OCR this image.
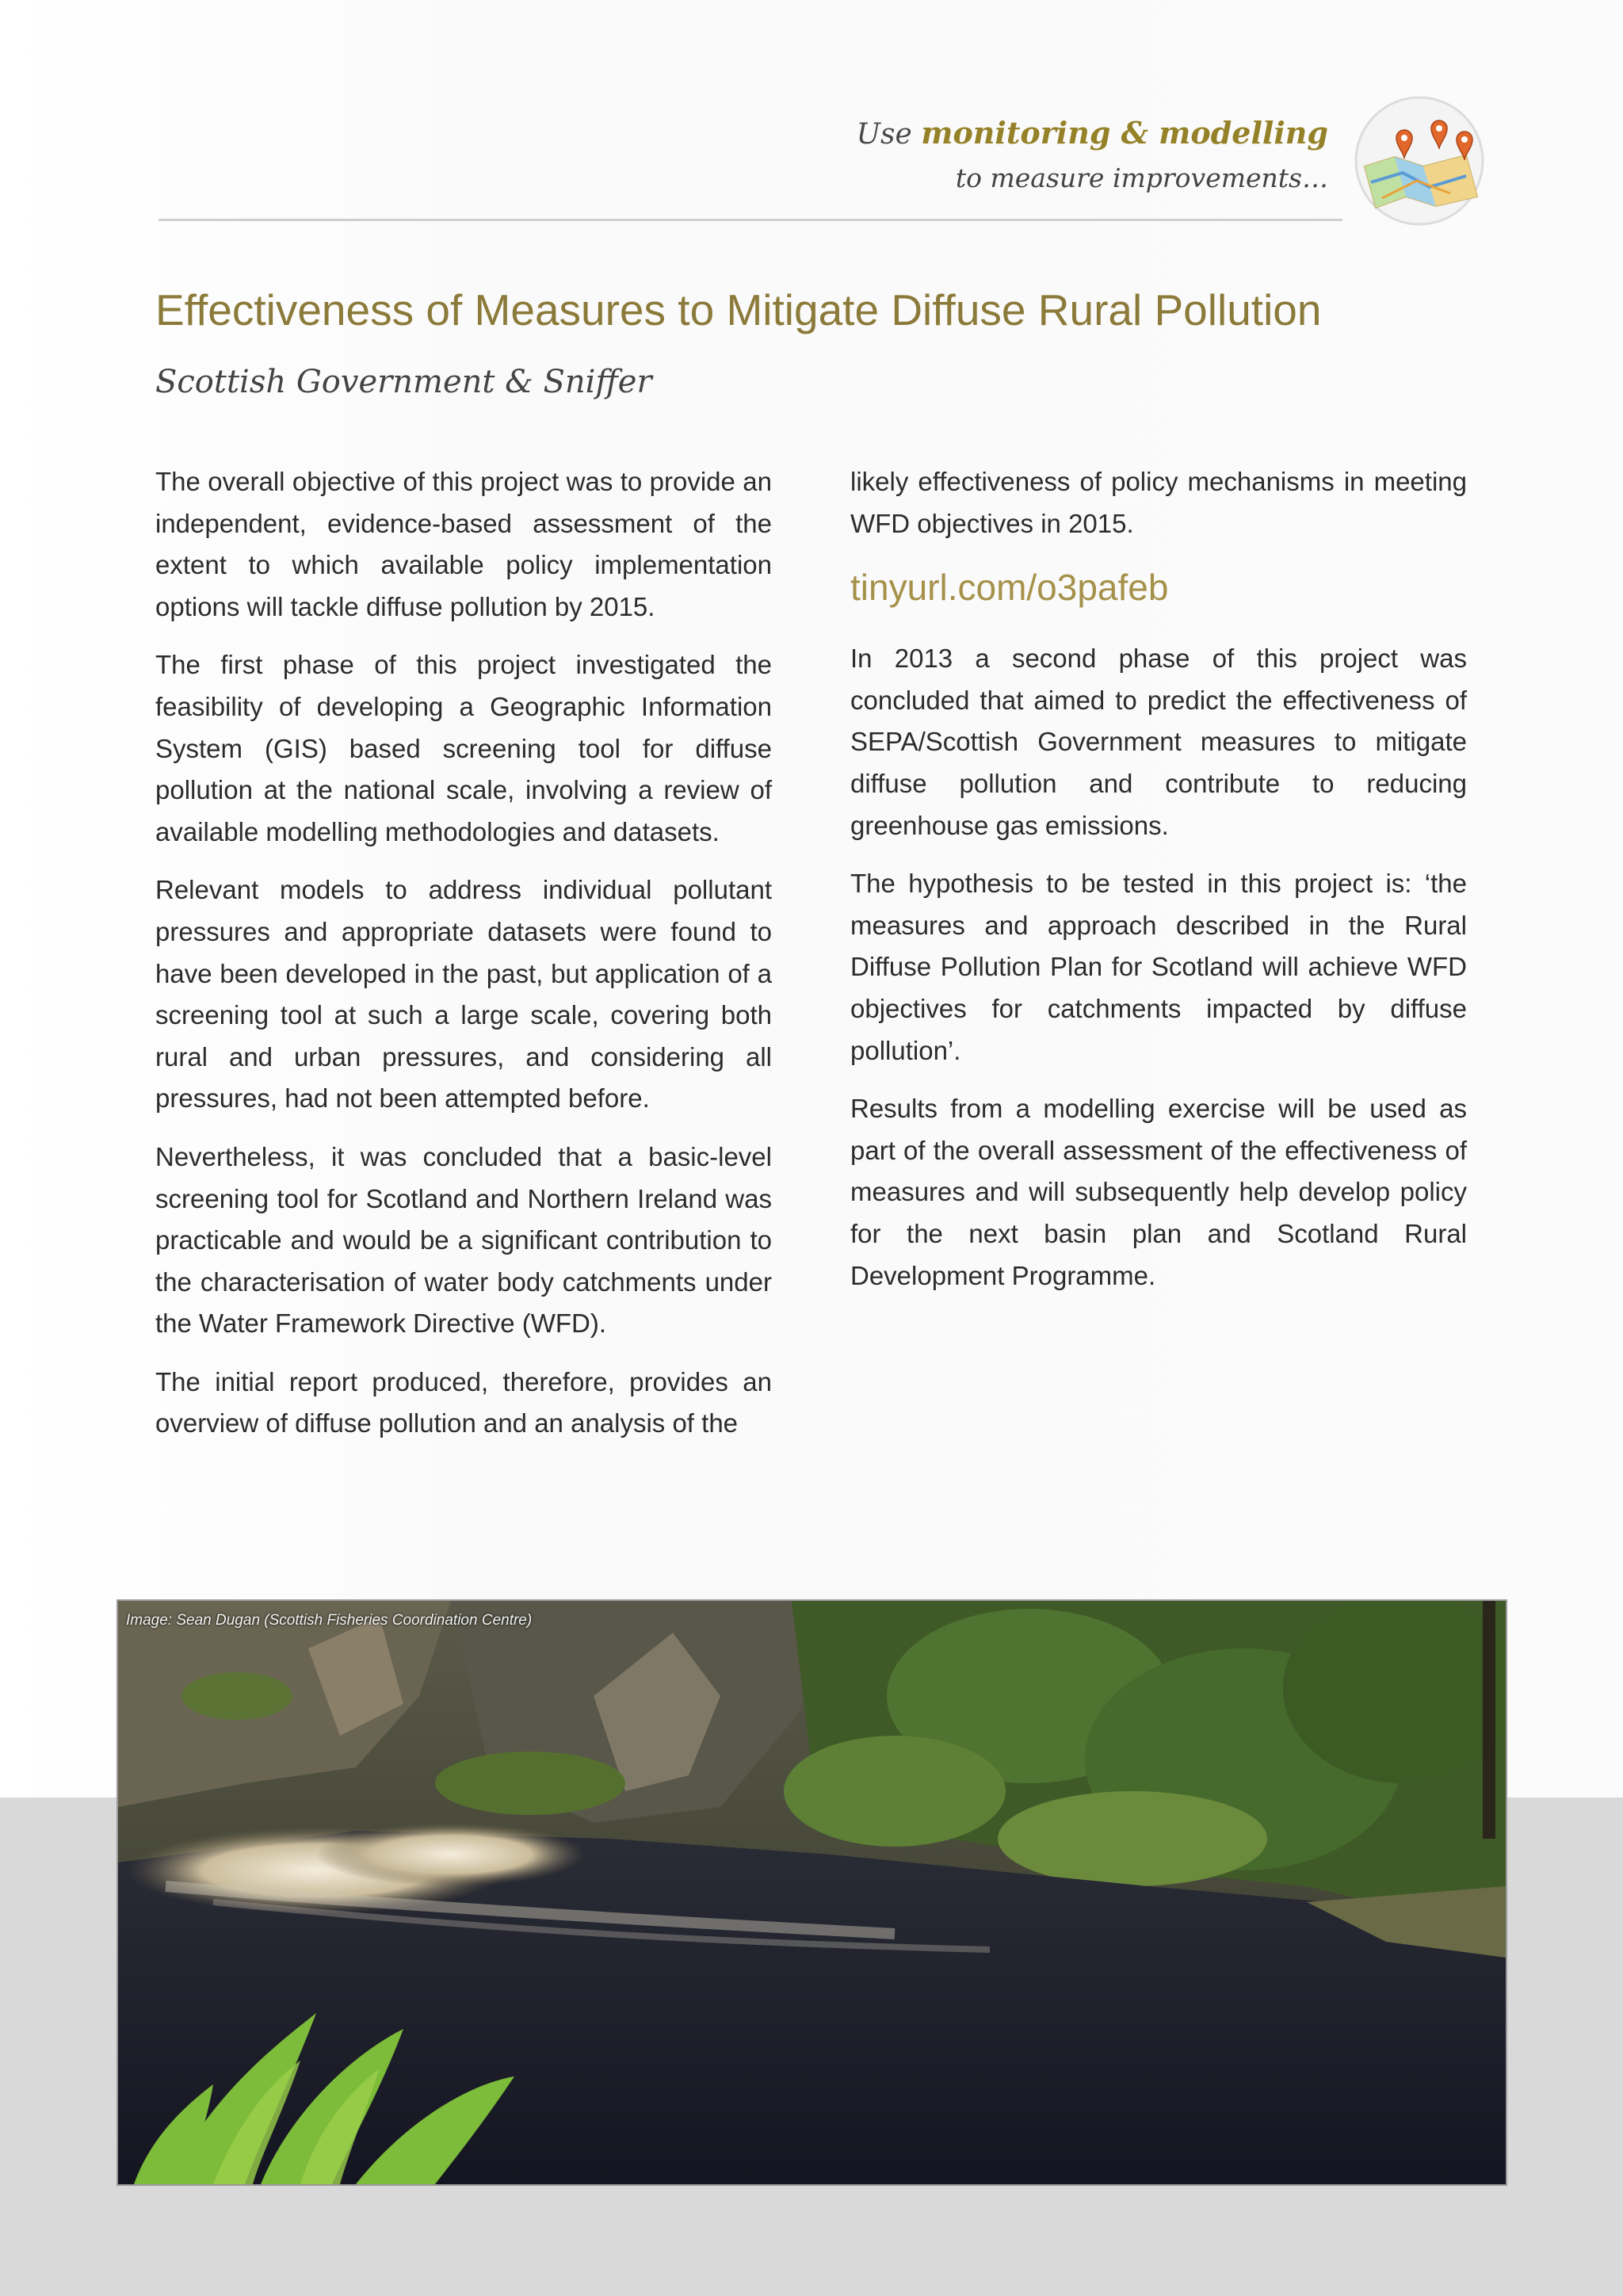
Use monitoring & modelling
to measure improvements…
Effectiveness of Measures to Mitigate Diffuse Rural Pollution
Scottish Government & Sniffer

The overall objective of this project was to provide an independent, evidence-based assessment of the extent to which available policy implementation options will tackle diffuse pollution by 2015.

The first phase of this project investigated the feasibility of developing a Geographic Information System (GIS) based screening tool for diffuse pollution at the national scale, involving a review of available modelling methodologies and datasets.

Relevant models to address individual pollutant pressures and appropriate datasets were found to have been developed in the past, but application of a screening tool at such a large scale, covering both rural and urban pressures, and considering all pressures, had not been attempted before.

Nevertheless, it was concluded that a basic-level screening tool for Scotland and Northern Ireland was practicable and would be a significant contribution to the characterisation of water body catchments under the Water Framework Directive (WFD).

The initial report produced, therefore, provides an overview of diffuse pollution and an analysis of the

likely effectiveness of policy mechanisms in meeting WFD objectives in 2015.

tinyurl.com/o3pafeb

In 2013 a second phase of this project was concluded that aimed to predict the effectiveness of SEPA/Scottish Government measures to mitigate diffuse pollution and contribute to reducing greenhouse gas emissions.

The hypothesis to be tested in this project is: ‘the measures and approach described in the Rural Diffuse Pollution Plan for Scotland will achieve WFD objectives for catchments impacted by diffuse pollution’.

Results from a modelling exercise will be used as part of the overall assessment of the effectiveness of measures and will subsequently help develop policy for the next basin plan and Scotland Rural Development Programme.

Image: Sean Dugan (Scottish Fisheries Coordination Centre)
